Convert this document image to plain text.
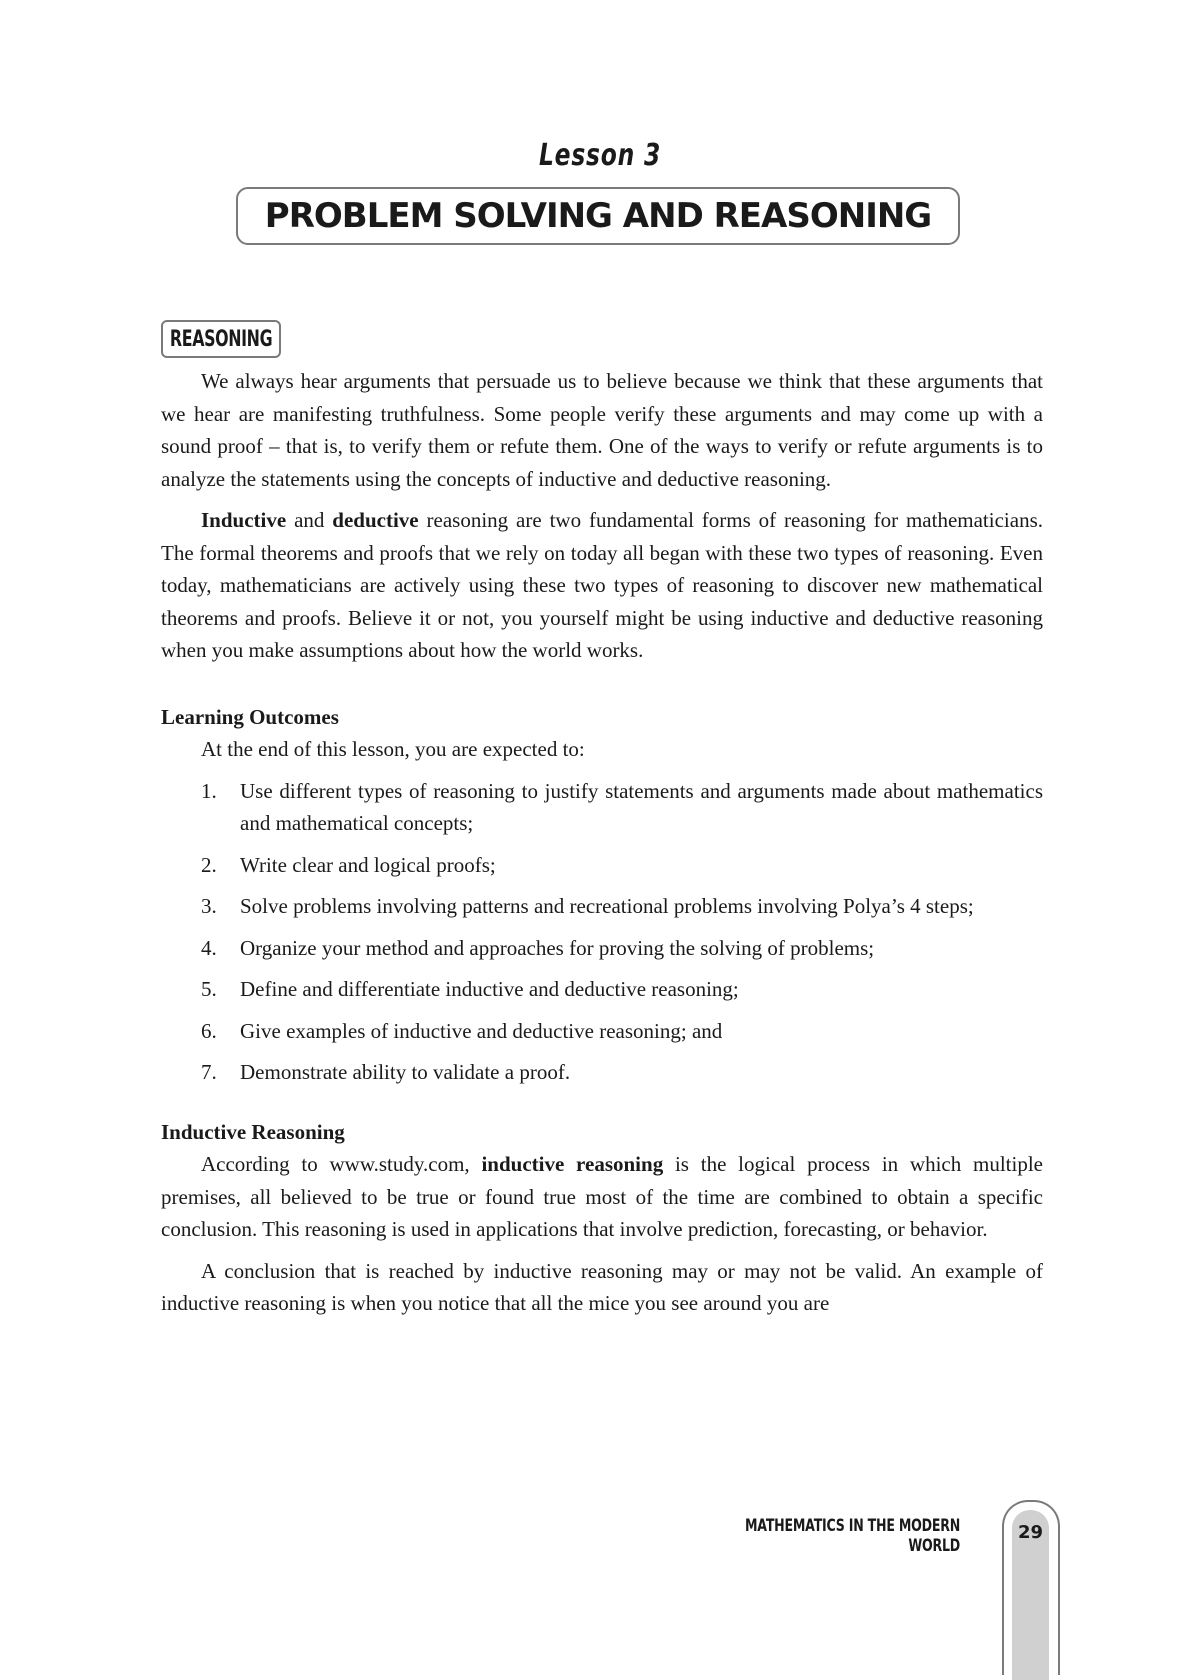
Lesson 3
PROBLEM SOLVING AND REASONING
REASONING

We always hear arguments that persuade us to believe because we think that these arguments that we hear are manifesting truthfulness. Some people verify these arguments and may come up with a sound proof – that is, to verify them or refute them. One of the ways to verify or refute arguments is to analyze the statements using the concepts of inductive and deductive reasoning.

Inductive and deductive reasoning are two fundamental forms of reasoning for mathematicians. The formal theorems and proofs that we rely on today all began with these two types of reasoning. Even today, mathematicians are actively using these two types of reasoning to discover new mathematical theorems and proofs. Believe it or not, you yourself might be using inductive and deductive reasoning when you make assumptions about how the world works.

Learning Outcomes

At the end of this lesson, you are expected to:

1. Use different types of reasoning to justify statements and arguments made about mathematics and mathematical concepts;
2. Write clear and logical proofs;
3. Solve problems involving patterns and recreational problems involving Polya’s 4 steps;
4. Organize your method and approaches for proving the solving of problems;
5. Define and differentiate inductive and deductive reasoning;
6. Give examples of inductive and deductive reasoning; and
7. Demonstrate ability to validate a proof.

Inductive Reasoning

According to www.study.com, inductive reasoning is the logical process in which multiple premises, all believed to be true or found true most of the time are combined to obtain a specific conclusion. This reasoning is used in applications that involve prediction, forecasting, or behavior.

A conclusion that is reached by inductive reasoning may or may not be valid. An example of inductive reasoning is when you notice that all the mice you see around you are

MATHEMATICS IN THE MODERN WORLD
29
